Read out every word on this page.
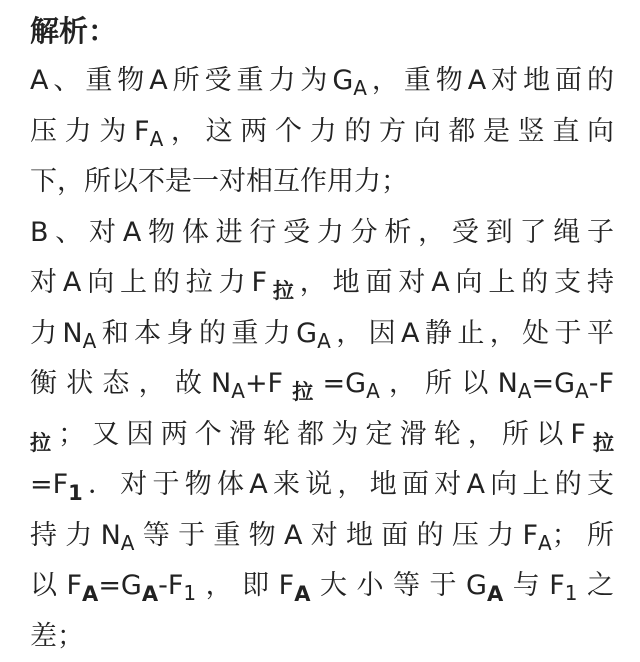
解析：
A、重物A所受重力为$G_A$，重物A对地面的
压力为$F_A$，这两个力的方向都是竖直向
下，所以不是一对相互作用力；
B、对A物体进行受力分析，受到了绳子
对A向上的拉力$F_拉$，地面对A向上的支持
力$N_A$和本身的重力$G_A$，因A静止，处于平
衡状态，故$N_A+F_拉=G_A$，所以$N_A=G_A-F$
$_拉$；又因两个滑轮都为定滑轮，所以$F_拉$
$=F_1$．对于物体A来说，地面对A向上的支
持力$N_A$等于重物A对地面的压力$F_A$；所
以$F_A=G_A-F_1$，即$F_A$大小等于$G_A$与$F_1$之
差；
